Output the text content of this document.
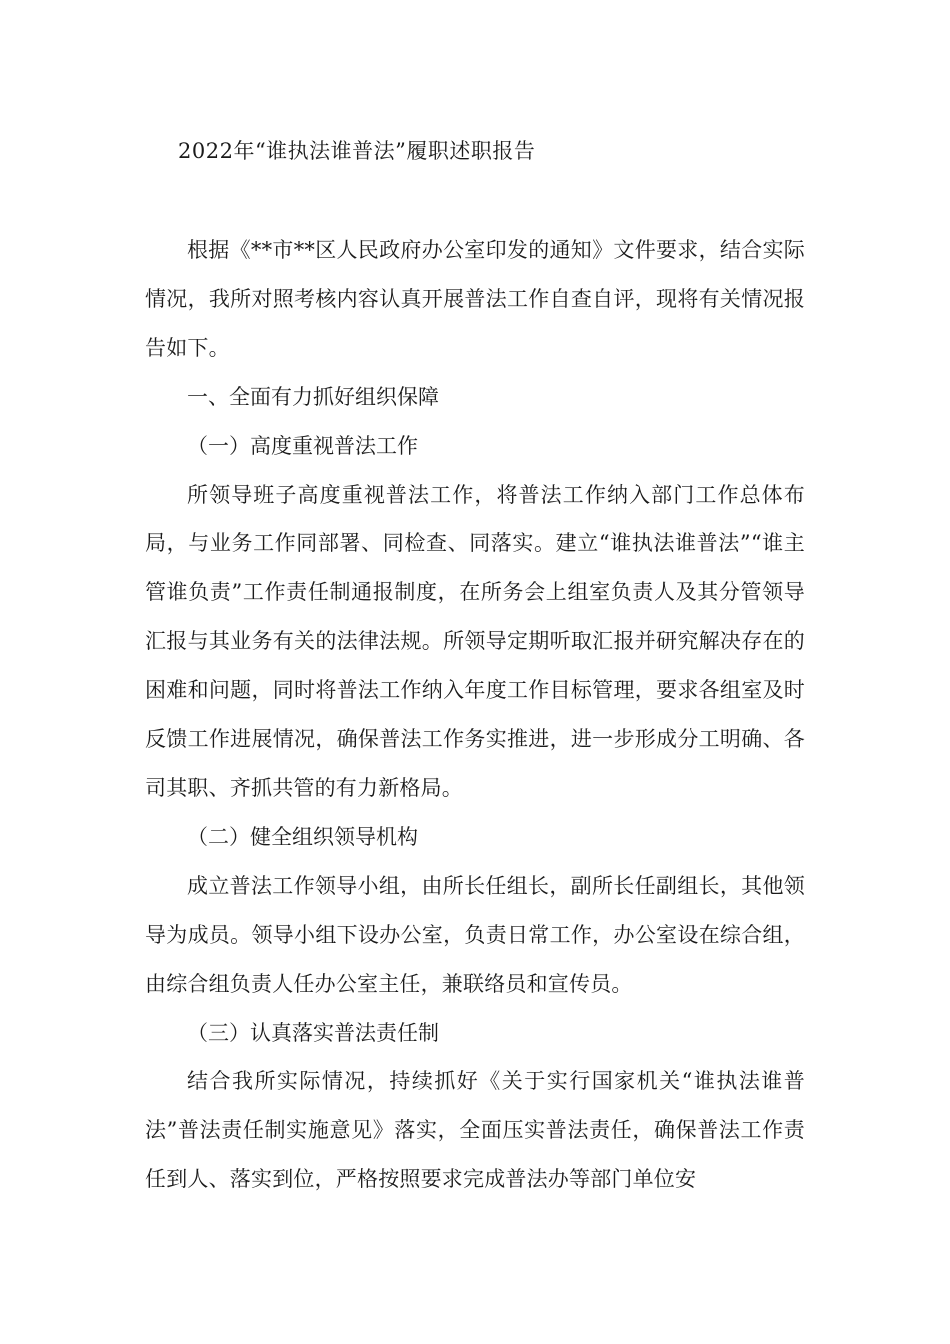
2022年“谁执法谁普法”履职述职报告

根据《**市**区人民政府办公室印发的通知》文件要求，结合实际情况，我所对照考核内容认真开展普法工作自查自评，现将有关情况报告如下。

一、全面有力抓好组织保障

（一）高度重视普法工作

所领导班子高度重视普法工作，将普法工作纳入部门工作总体布局，与业务工作同部署、同检查、同落实。建立“谁执法谁普法”“谁主管谁负责”工作责任制通报制度，在所务会上组室负责人及其分管领导汇报与其业务有关的法律法规。所领导定期听取汇报并研究解决存在的困难和问题，同时将普法工作纳入年度工作目标管理，要求各组室及时反馈工作进展情况，确保普法工作务实推进，进一步形成分工明确、各司其职、齐抓共管的有力新格局。

（二）健全组织领导机构

成立普法工作领导小组，由所长任组长，副所长任副组长，其他领导为成员。领导小组下设办公室，负责日常工作，办公室设在综合组，由综合组负责人任办公室主任，兼联络员和宣传员。

（三）认真落实普法责任制

结合我所实际情况，持续抓好《关于实行国家机关“谁执法谁普法”普法责任制实施意见》落实，全面压实普法责任，确保普法工作责任到人、落实到位，严格按照要求完成普法办等部门单位安
